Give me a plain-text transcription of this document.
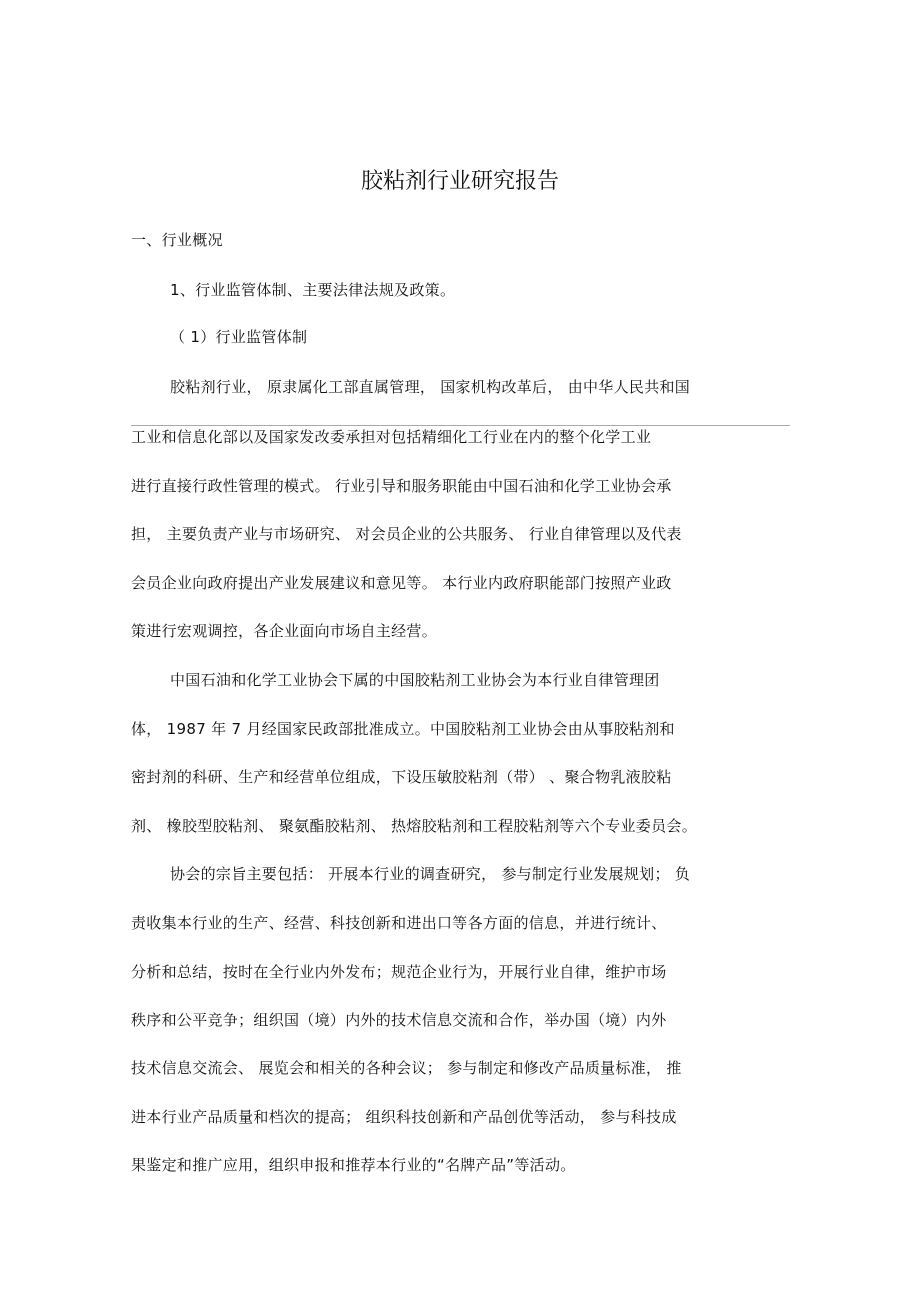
胶粘剂行业研究报告
一、行业概况
1、行业监管体制、主要法律法规及政策。
（ 1）行业监管体制
胶粘剂行业， 原隶属化工部直属管理， 国家机构改革后， 由中华人民共和国
工业和信息化部以及国家发改委承担对包括精细化工行业在内的整个化学工业
进行直接行政性管理的模式。 行业引导和服务职能由中国石油和化学工业协会承
担， 主要负责产业与市场研究、 对会员企业的公共服务、 行业自律管理以及代表
会员企业向政府提出产业发展建议和意见等。 本行业内政府职能部门按照产业政
策进行宏观调控，各企业面向市场自主经营。
中国石油和化学工业协会下属的中国胶粘剂工业协会为本行业自律管理团
体， 1987 年 7 月经国家民政部批准成立。中国胶粘剂工业协会由从事胶粘剂和
密封剂的科研、生产和经营单位组成，下设压敏胶粘剂（带） 、聚合物乳液胶粘
剂、 橡胶型胶粘剂、 聚氨酯胶粘剂、 热熔胶粘剂和工程胶粘剂等六个专业委员会。
协会的宗旨主要包括： 开展本行业的调查研究， 参与制定行业发展规划； 负
责收集本行业的生产、经营、科技创新和进出口等各方面的信息，并进行统计、
分析和总结，按时在全行业内外发布；规范企业行为，开展行业自律，维护市场
秩序和公平竞争；组织国（境）内外的技术信息交流和合作，举办国（境）内外
技术信息交流会、 展览会和相关的各种会议； 参与制定和修改产品质量标准， 推
进本行业产品质量和档次的提高； 组织科技创新和产品创优等活动， 参与科技成
果鉴定和推广应用，组织申报和推荐本行业的“名牌产品”等活动。
